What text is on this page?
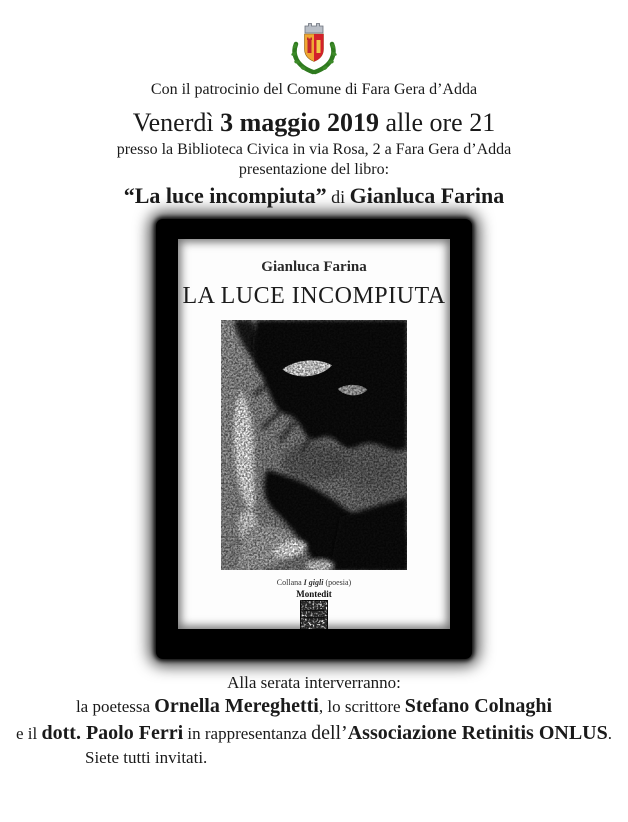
Con il patrocinio del Comune di Fara Gera d’Adda
Venerdì 3 maggio 2019 alle ore 21
presso la Biblioteca Civica in via Rosa, 2 a Fara Gera d’Adda
presentazione del libro:
“La luce incompiuta” di Gianluca Farina
Gianluca Farina
LA LUCE INCOMPIUTA
Collana I gigli (poesia)
Montedit
Alla serata interverranno:
la poetessa Ornella Mereghetti, lo scrittore Stefano Colnaghi
e il dott. Paolo Ferri in rappresentanza dell’Associazione Retinitis ONLUS.
Siete tutti invitati.
